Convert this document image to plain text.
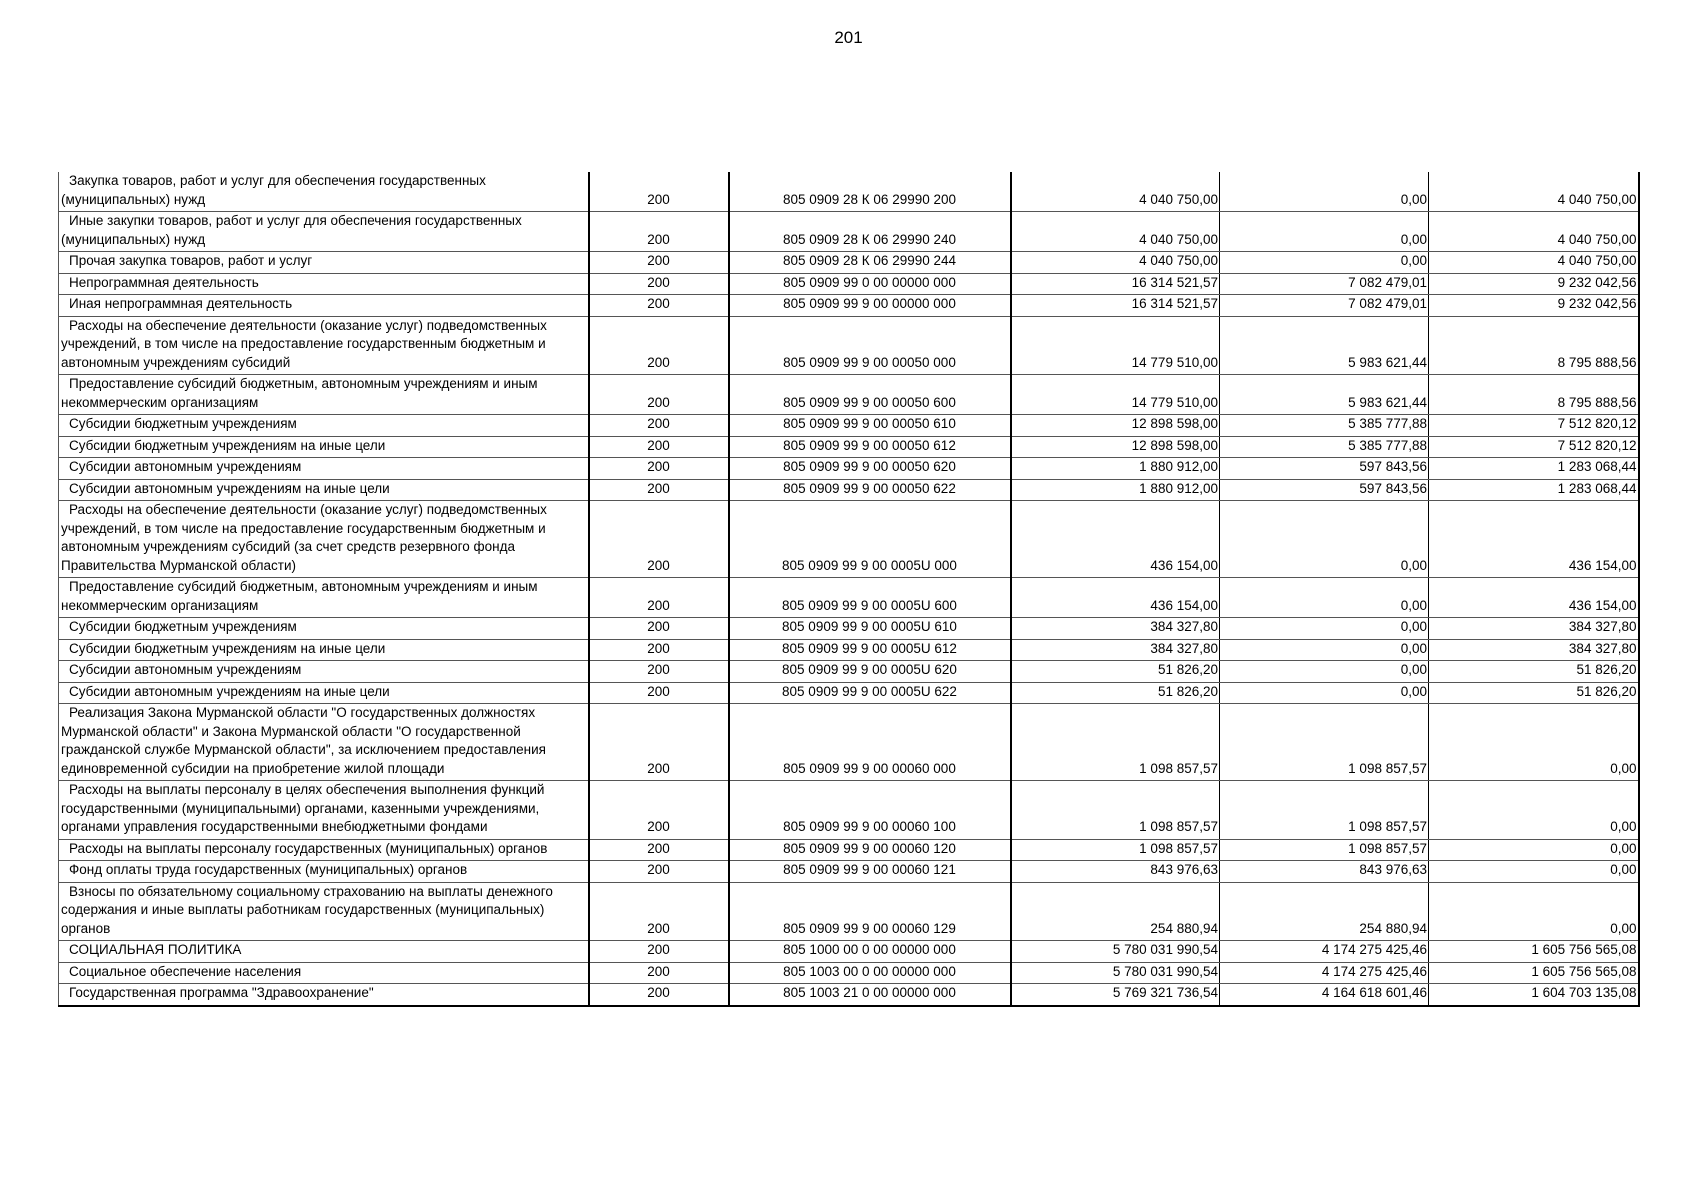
201
Закупка товаров, работ и услуг для обеспечения государственных (муниципальных) нужд	200	805 0909 28 К 06 29990 200	4 040 750,00	0,00	4 040 750,00
Иные закупки товаров, работ и услуг для обеспечения государственных (муниципальных) нужд	200	805 0909 28 К 06 29990 240	4 040 750,00	0,00	4 040 750,00
Прочая закупка товаров, работ и услуг	200	805 0909 28 К 06 29990 244	4 040 750,00	0,00	4 040 750,00
Непрограммная деятельность	200	805 0909 99 0 00 00000 000	16 314 521,57	7 082 479,01	9 232 042,56
Иная непрограммная деятельность	200	805 0909 99 9 00 00000 000	16 314 521,57	7 082 479,01	9 232 042,56
Расходы на обеспечение деятельности (оказание услуг) подведомственных учреждений, в том числе на предоставление государственным бюджетным и автономным учреждениям субсидий	200	805 0909 99 9 00 00050 000	14 779 510,00	5 983 621,44	8 795 888,56
Предоставление субсидий бюджетным, автономным учреждениям и иным некоммерческим организациям	200	805 0909 99 9 00 00050 600	14 779 510,00	5 983 621,44	8 795 888,56
Субсидии бюджетным учреждениям	200	805 0909 99 9 00 00050 610	12 898 598,00	5 385 777,88	7 512 820,12
Субсидии бюджетным учреждениям на иные цели	200	805 0909 99 9 00 00050 612	12 898 598,00	5 385 777,88	7 512 820,12
Субсидии автономным учреждениям	200	805 0909 99 9 00 00050 620	1 880 912,00	597 843,56	1 283 068,44
Субсидии автономным учреждениям на иные цели	200	805 0909 99 9 00 00050 622	1 880 912,00	597 843,56	1 283 068,44
Расходы на обеспечение деятельности (оказание услуг) подведомственных учреждений, в том числе на предоставление государственным бюджетным и автономным учреждениям субсидий (за счет средств резервного фонда Правительства Мурманской области)	200	805 0909 99 9 00 0005U 000	436 154,00	0,00	436 154,00
Предоставление субсидий бюджетным, автономным учреждениям и иным некоммерческим организациям	200	805 0909 99 9 00 0005U 600	436 154,00	0,00	436 154,00
Субсидии бюджетным учреждениям	200	805 0909 99 9 00 0005U 610	384 327,80	0,00	384 327,80
Субсидии бюджетным учреждениям на иные цели	200	805 0909 99 9 00 0005U 612	384 327,80	0,00	384 327,80
Субсидии автономным учреждениям	200	805 0909 99 9 00 0005U 620	51 826,20	0,00	51 826,20
Субсидии автономным учреждениям на иные цели	200	805 0909 99 9 00 0005U 622	51 826,20	0,00	51 826,20
Реализация Закона Мурманской области "О государственных должностях Мурманской области" и Закона Мурманской области "О государственной гражданской службе Мурманской области", за исключением предоставления единовременной субсидии на приобретение жилой площади	200	805 0909 99 9 00 00060 000	1 098 857,57	1 098 857,57	0,00
Расходы на выплаты персоналу в целях обеспечения выполнения функций государственными (муниципальными) органами, казенными учреждениями, органами управления государственными внебюджетными фондами	200	805 0909 99 9 00 00060 100	1 098 857,57	1 098 857,57	0,00
Расходы на выплаты персоналу государственных (муниципальных) органов	200	805 0909 99 9 00 00060 120	1 098 857,57	1 098 857,57	0,00
Фонд оплаты труда государственных (муниципальных) органов	200	805 0909 99 9 00 00060 121	843 976,63	843 976,63	0,00
Взносы по обязательному социальному страхованию на выплаты денежного содержания и иные выплаты работникам государственных (муниципальных) органов	200	805 0909 99 9 00 00060 129	254 880,94	254 880,94	0,00
СОЦИАЛЬНАЯ ПОЛИТИКА	200	805 1000 00 0 00 00000 000	5 780 031 990,54	4 174 275 425,46	1 605 756 565,08
Социальное обеспечение населения	200	805 1003 00 0 00 00000 000	5 780 031 990,54	4 174 275 425,46	1 605 756 565,08
Государственная программа "Здравоохранение"	200	805 1003 21 0 00 00000 000	5 769 321 736,54	4 164 618 601,46	1 604 703 135,08
